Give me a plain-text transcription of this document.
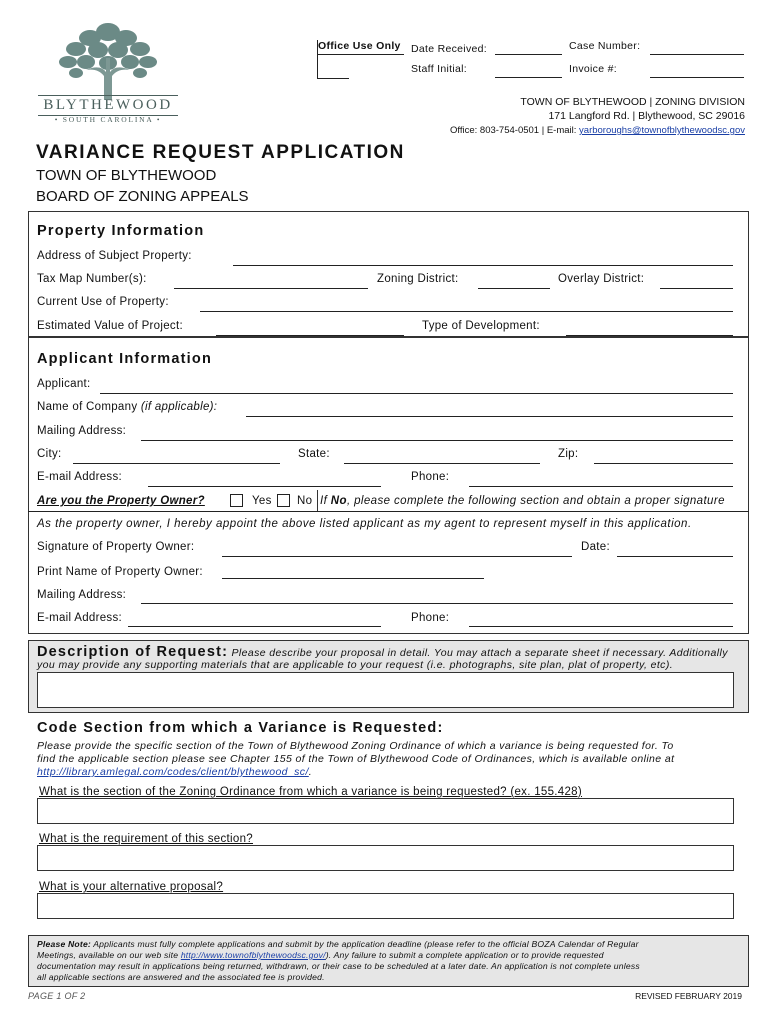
BLYTHEWOOD
• SOUTH CAROLINA •
Office Use Only Date Received:	Case Number:
Staff Initial:	Invoice #:
TOWN OF BLYTHEWOOD | ZONING DIVISION
171 Langford Rd. | Blythewood, SC 29016
Office: 803-754-0501 | E-mail: yarboroughs@townofblythewoodsc.gov
VARIANCE REQUEST APPLICATION
TOWN OF BLYTHEWOOD
BOARD OF ZONING APPEALS
Property Information
Address of Subject Property:
Tax Map Number(s):	Zoning District:	Overlay District:
Current Use of Property:
Estimated Value of Project:	Type of Development:
Applicant Information
Applicant:
Name of Company (if applicable):
Mailing Address:
City:	State:	Zip:
E-mail Address:	Phone:
Are you the Property Owner?	Yes No If No, please complete the following section and obtain a proper signature
As the property owner, I hereby appoint the above listed applicant as my agent to represent myself in this application.
Signature of Property Owner:	Date:
Print Name of Property Owner:
Mailing Address:
E-mail Address:	Phone:
Description of Request: Please describe your proposal in detail. You may attach a separate sheet if necessary. Additionally
you may provide any supporting materials that are applicable to your request (i.e. photographs, site plan, plat of property, etc).
Code Section from which a Variance is Requested:
Please provide the specific section of the Town of Blythewood Zoning Ordinance of which a variance is being requested for. To
find the applicable section please see Chapter 155 of the Town of Blythewood Code of Ordinances, which is available online at
http://library.amlegal.com/codes/client/blythewood_sc/.
What is the section of the Zoning Ordinance from which a variance is being requested? (ex. 155.428)
What is the requirement of this section?
What is your alternative proposal?
Please Note: Applicants must fully complete applications and submit by the application deadline (please refer to the official BOZA Calendar of Regular
Meetings, available on our web site http://www.townofblythewoodsc.gov/). Any failure to submit a complete application or to provide requested
documentation may result in applications being returned, withdrawn, or their case to be scheduled at a later date. An application is not complete unless
all applicable sections are answered and the associated fee is provided.
PAGE 1 OF 2	REVISED FEBRUARY 2019
